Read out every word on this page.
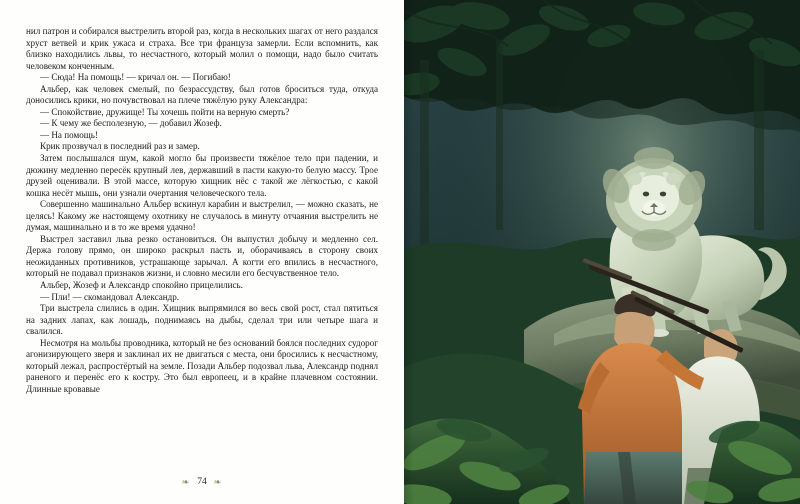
нил патрон и собирался выстрелить второй раз, когда в нескольких шагах от него раздался хруст ветвей и крик ужаса и страха. Все три француза замерли. Если вспомнить, как близко находились львы, то несчастного, который молил о помощи, надо было считать человеком конченным.

— Сюда! На помощь! — кричал он. — Погибаю!

Альбер, как человек смелый, по безрассудству, был готов броситься туда, откуда доносились крики, но почувствовал на плече тяжёлую руку Александра:

— Спокойствие, дружище! Ты хочешь пойти на верную смерть?

— К чему же бесполезную, — добавил Жозеф.

— На помощь!

Крик прозвучал в последний раз и замер.

Затем послышался шум, какой могло бы произвести тяжёлое тело при падении, и дюжину медленно пересёк крупный лев, державший в пасти какую-то белую массу. Трое друзей оценивали. В этой массе, которую хищник нёс с такой же лёгкостью, с какой кошка несёт мышь, они узнали очертания человеческого тела.

Совершенно машинально Альбер вскинул карабин и выстрелил, — можно сказать, не целясь! Какому же настоящему охотнику не случалось в минуту отчаяния выстрелить не думая, машинально и в то же время удачно!

Выстрел заставил льва резко остановиться. Он выпустил добычу и медленно сел. Держа голову прямо, он широко раскрыл пасть и, оборачиваясь в сторону своих неожиданных противников, устрашающе зарычал. А когти его впились в несчастного, который не подавал признаков жизни, и словно месили его бесчувственное тело.

Альбер, Жозеф и Александр спокойно прицелились.

— Пли! — скомандовал Александр.

Три выстрела слились в один. Хищник выпрямился во весь свой рост, стал пятиться на задних лапах, как лошадь, поднимаясь на дыбы, сделал три или четыре шага и свалился.

Несмотря на мольбы проводника, который не без оснований боялся последних судорог агонизирующего зверя и заклинал их не двигаться с места, они бросились к несчастному, который лежал, распростёртый на земле. Позади Альбер подозвал льва, Александр поднял раненого и перенёс его к костру. Это был европеец, и в крайне плачевном состоянии. Длинные кровавые

❧ 74 ❧
